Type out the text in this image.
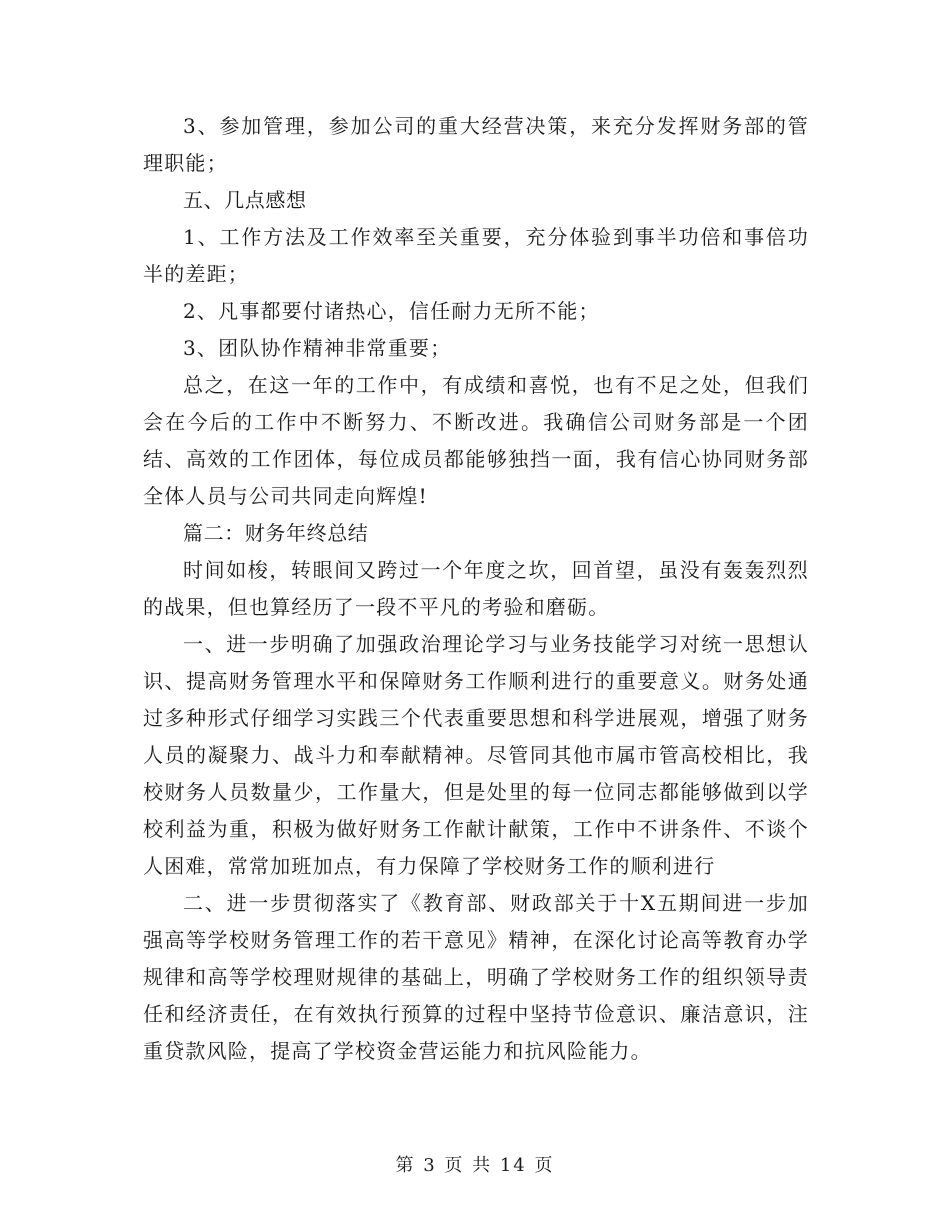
3、参加管理，参加公司的重大经营决策，来充分发挥财务部的管理职能；

五、几点感想

1、工作方法及工作效率至关重要，充分体验到事半功倍和事倍功半的差距；

2、凡事都要付诸热心，信任耐力无所不能；

3、团队协作精神非常重要；

总之，在这一年的工作中，有成绩和喜悦，也有不足之处，但我们会在今后的工作中不断努力、不断改进。我确信公司财务部是一个团结、高效的工作团体，每位成员都能够独挡一面，我有信心协同财务部全体人员与公司共同走向辉煌!

篇二：财务年终总结

时间如梭，转眼间又跨过一个年度之坎，回首望，虽没有轰轰烈烈的战果，但也算经历了一段不平凡的考验和磨砺。

一、进一步明确了加强政治理论学习与业务技能学习对统一思想认识、提高财务管理水平和保障财务工作顺利进行的重要意义。财务处通过多种形式仔细学习实践三个代表重要思想和科学进展观，增强了财务人员的凝聚力、战斗力和奉献精神。尽管同其他市属市管高校相比，我校财务人员数量少，工作量大，但是处里的每一位同志都能够做到以学校利益为重，积极为做好财务工作献计献策，工作中不讲条件、不谈个人困难，常常加班加点，有力保障了学校财务工作的顺利进行

二、进一步贯彻落实了《教育部、财政部关于十X五期间进一步加强高等学校财务管理工作的若干意见》精神，在深化讨论高等教育办学规律和高等学校理财规律的基础上，明确了学校财务工作的组织领导责任和经济责任，在有效执行预算的过程中坚持节俭意识、廉洁意识，注重贷款风险，提高了学校资金营运能力和抗风险能力。

第 3 页 共 14 页
